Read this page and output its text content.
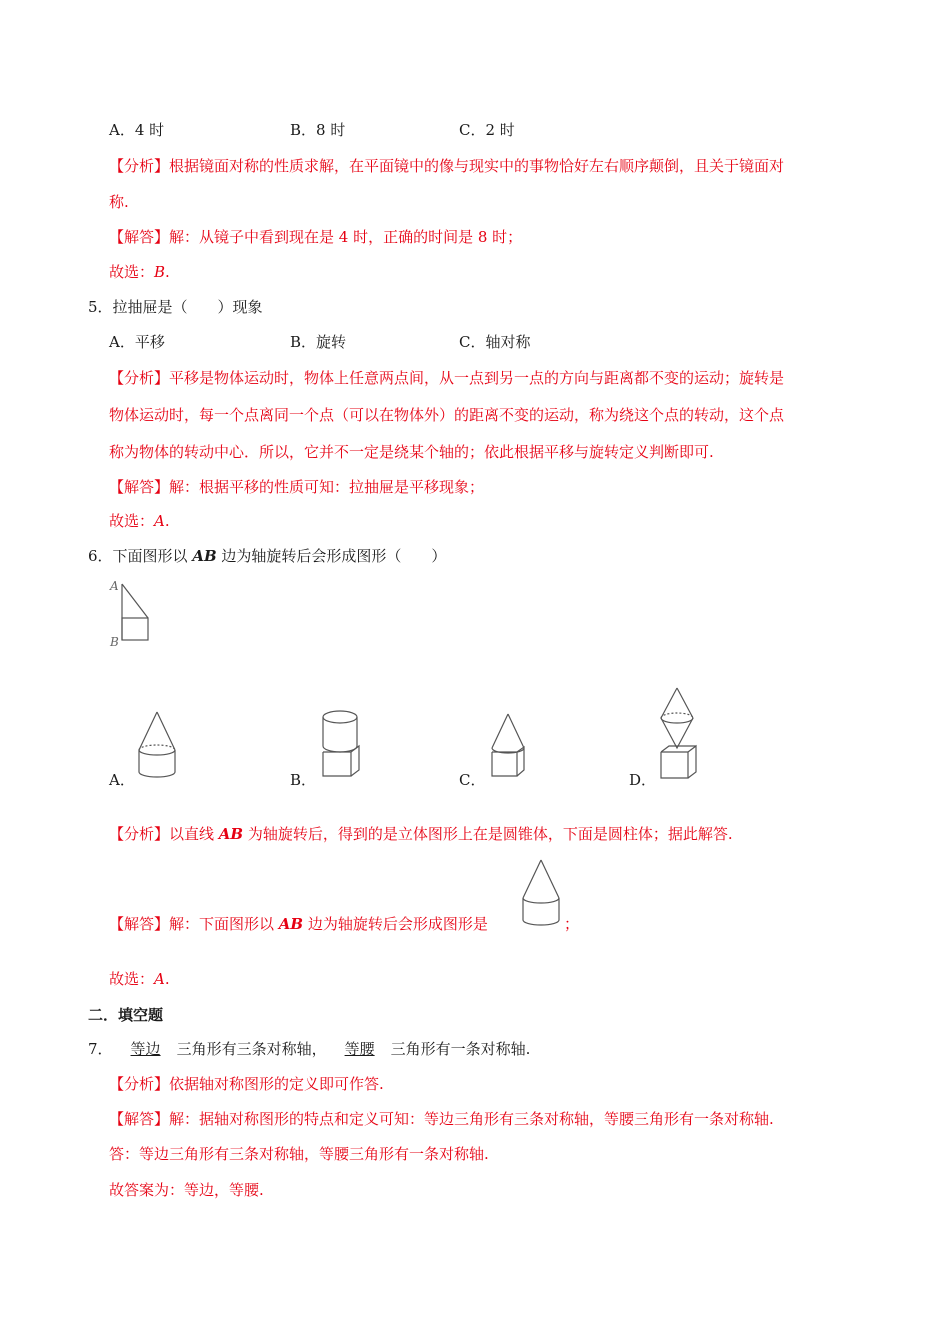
A．4 时	B．8 时	C．2 时
【分析】根据镜面对称的性质求解，在平面镜中的像与现实中的事物恰好左右顺序颠倒，且关于镜面对
称.
【解答】解：从镜子中看到现在是 4 时，正确的时间是 8 时；
故选：B.
5．拉抽屉是（　　）现象
A．平移	B．旋转	C．轴对称
【分析】平移是物体运动时，物体上任意两点间，从一点到另一点的方向与距离都不变的运动；旋转是
物体运动时，每一个点离同一个点（可以在物体外）的距离不变的运动，称为绕这个点的转动，这个点
称为物体的转动中心．所以，它并不一定是绕某个轴的；依此根据平移与旋转定义判断即可.
【解答】解：根据平移的性质可知：拉抽屉是平移现象；
故选：A.
6．下面图形以 AB 边为轴旋转后会形成图形（　　）
A
B
A．	B．	C．	D．
【分析】以直线 AB 为轴旋转后，得到的是立体图形上在是圆锥体，下面是圆柱体；据此解答.
【解答】解：下面图形以 AB 边为轴旋转后会形成图形是	；
故选：A.
二．填空题
7． 等边 三角形有三条对称轴， 等腰 三角形有一条对称轴.
【分析】依据轴对称图形的定义即可作答.
【解答】解：据轴对称图形的特点和定义可知：等边三角形有三条对称轴，等腰三角形有一条对称轴.
答：等边三角形有三条对称轴，等腰三角形有一条对称轴.
故答案为：等边，等腰.
